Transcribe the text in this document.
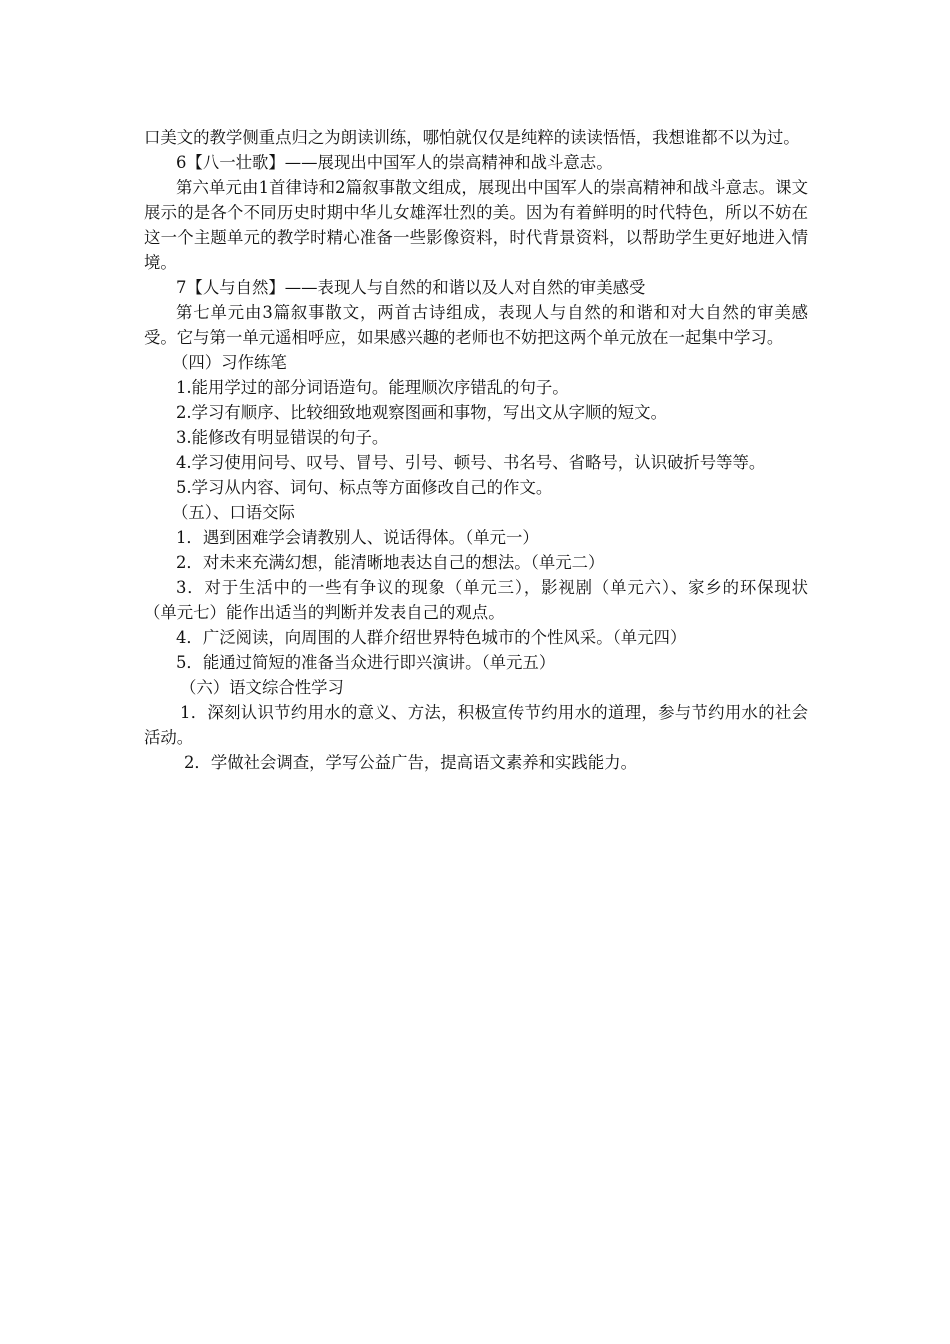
口美文的教学侧重点归之为朗读训练，哪怕就仅仅是纯粹的读读悟悟，我想谁都不以为过。

6【八一壮歌】——展现出中国军人的崇高精神和战斗意志。

第六单元由1首律诗和2篇叙事散文组成，展现出中国军人的崇高精神和战斗意志。课文展示的是各个不同历史时期中华儿女雄浑壮烈的美。因为有着鲜明的时代特色，所以不妨在这一个主题单元的教学时精心准备一些影像资料，时代背景资料，以帮助学生更好地进入情境。

7【人与自然】——表现人与自然的和谐以及人对自然的审美感受

第七单元由3篇叙事散文，两首古诗组成，表现人与自然的和谐和对大自然的审美感受。它与第一单元遥相呼应，如果感兴趣的老师也不妨把这两个单元放在一起集中学习。

（四）习作练笔

1.能用学过的部分词语造句。能理顺次序错乱的句子。

2.学习有顺序、比较细致地观察图画和事物，写出文从字顺的短文。

3.能修改有明显错误的句子。

4.学习使用问号、叹号、冒号、引号、顿号、书名号、省略号，认识破折号等等。

5.学习从内容、词句、标点等方面修改自己的作文。

（五）、口语交际

1．遇到困难学会请教别人、说话得体。（单元一）

2．对未来充满幻想，能清晰地表达自己的想法。（单元二）

3．对于生活中的一些有争议的现象（单元三），影视剧（单元六）、家乡的环保现状（单元七）能作出适当的判断并发表自己的观点。

4．广泛阅读，向周围的人群介绍世界特色城市的个性风采。（单元四）

5．能通过简短的准备当众进行即兴演讲。（单元五）

（六）语文综合性学习

1．深刻认识节约用水的意义、方法，积极宣传节约用水的道理，参与节约用水的社会活动。

2．学做社会调查，学写公益广告，提高语文素养和实践能力。
